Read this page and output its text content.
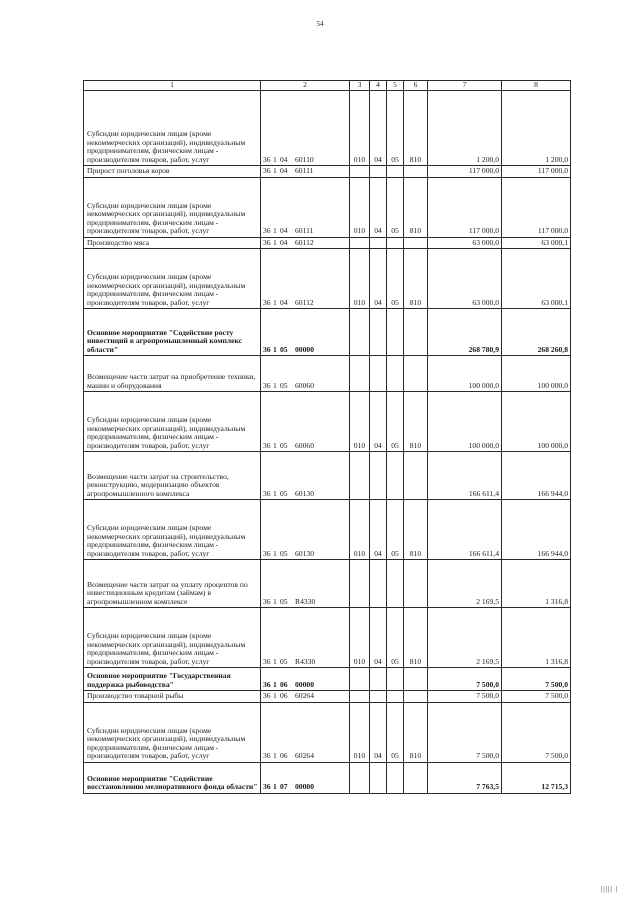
54
1	2	3	4	5	6	7	8
Субсидии юридическим лицам (кроме некоммерческих организаций), индивидуальным предпринимателям, физическим лицам - производителям товаров, работ, услуг	36 1 04 60110	010	04	05	810	1 200,0	1 200,0
Прирост поголовья коров	36 1 04 60111					117 000,0	117 000,0
Субсидии юридическим лицам (кроме некоммерческих организаций), индивидуальным предпринимателям, физическим лицам - производителям товаров, работ, услуг	36 1 04 60111	010	04	05	810	117 000,0	117 000,0
Производство мяса	36 1 04 60112					63 000,0	63 000,1
Субсидии юридическим лицам (кроме некоммерческих организаций), индивидуальным предпринимателям, физическим лицам - производителям товаров, работ, услуг	36 1 04 60112	010	04	05	810	63 000,0	63 000,1
Основное мероприятие "Содействие росту инвестиций в агропромышленный комплекс области"	36 1 05 00000					268 780,9	268 260,8
Возмещение части затрат на приобретение техники, машин и оборудования	36 1 05 60060					100 000,0	100 000,0
Субсидии юридическим лицам (кроме некоммерческих организаций), индивидуальным предпринимателям, физическим лицам - производителям товаров, работ, услуг	36 1 05 60060	010	04	05	810	100 000,0	100 000,0
Возмещение части затрат на строительство, реконструкцию, модернизацию объектов агропромышленного комплекса	36 1 05 60130					166 611,4	166 944,0
Субсидии юридическим лицам (кроме некоммерческих организаций), индивидуальным предпринимателям, физическим лицам - производителям товаров, работ, услуг	36 1 05 60130	010	04	05	810	166 611,4	166 944,0
Возмещение части затрат на уплату процентов по инвестиционным кредитам (займам) в агропромышленном комплексе	36 1 05 R4330					2 169,5	1 316,8
Субсидии юридическим лицам (кроме некоммерческих организаций), индивидуальным предпринимателям, физическим лицам - производителям товаров, работ, услуг	36 1 05 R4330	010	04	05	810	2 169,5	1 316,8
Основное мероприятие "Государственная поддержка рыбоводства"	36 1 06 00000					7 500,0	7 500,0
Производство товарной рыбы	36 1 06 60264					7 500,0	7 500,0
Субсидии юридическим лицам (кроме некоммерческих организаций), индивидуальным предпринимателям, физическим лицам - производителям товаров, работ, услуг	36 1 06 60264	010	04	05	810	7 500,0	7 500,0
Основное мероприятие "Содействие восстановлению мелиоративного фонда области"	36 1 07 00000					7 763,5	12 715,3
||||| |
